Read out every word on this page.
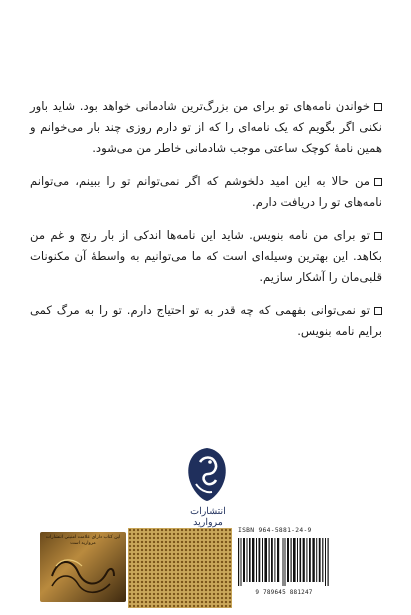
خواندن نامه‌های تو برای من بزرگ‌ترین شادمانی خواهد بود. شاید باور نکنی اگر بگویم که یک نامه‌ای را که از تو دارم روزی چند بار می‌خوانم و همین نامهٔ کوچک ساعتی موجب شادمانی خاطر من می‌شود.

من حالا به این امید دلخوشم که اگر نمی‌توانم تو را ببینم، می‌توانم نامه‌های تو را دریافت دارم.

تو برای من نامه بنویس. شاید این نامه‌ها اندکی از بار رنج و غم من بکاهد. این بهترین وسیله‌ای است که ما می‌توانیم به واسطهٔ آن مکنونات قلبی‌مان را آشکار سازیم.

تو نمی‌توانی بفهمی که چه قدر به تو احتیاج دارم. تو را به مرگ کمی برایم نامه بنویس.

انتشارات مروارید
این کتاب دارای علامت امنیتی انتشارات مروارید است
ISBN 964-5881-24-9
9 789645 881247
